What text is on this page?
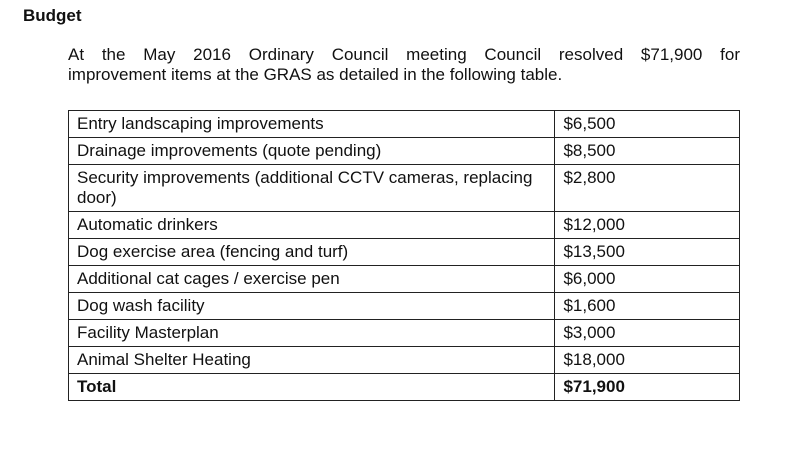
Budget
At the May 2016 Ordinary Council meeting Council resolved $71,900 for
improvement items at the GRAS as detailed in the following table.
Entry landscaping improvements	$6,500
Drainage improvements (quote pending)	$8,500
Security improvements (additional CCTV cameras, replacing door)	$2,800
Automatic drinkers	$12,000
Dog exercise area (fencing and turf)	$13,500
Additional cat cages / exercise pen	$6,000
Dog wash facility	$1,600
Facility Masterplan	$3,000
Animal Shelter Heating	$18,000
Total	$71,900
